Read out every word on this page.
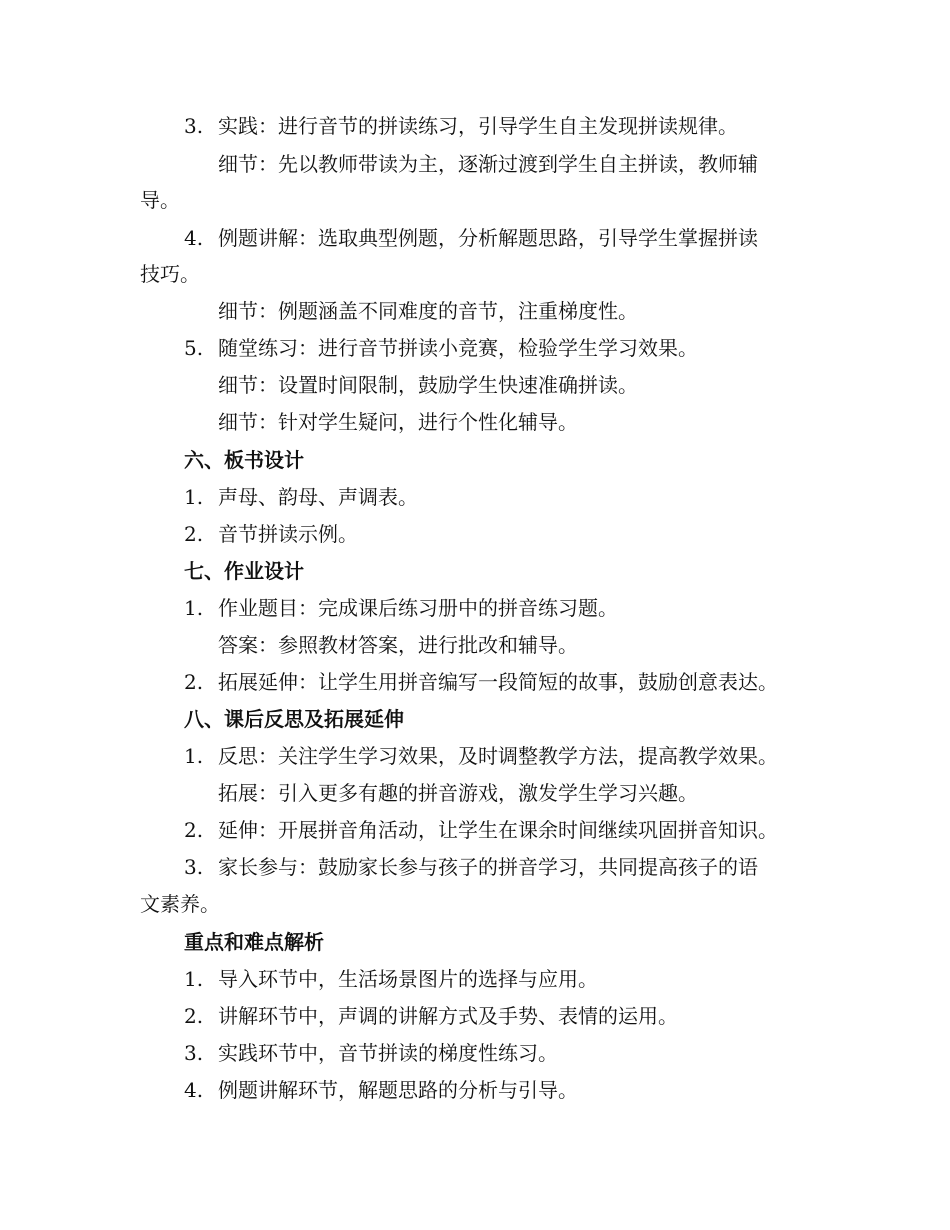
3. 实践：进行音节的拼读练习，引导学生自主发现拼读规律。
细节：先以教师带读为主，逐渐过渡到学生自主拼读，教师辅
导。
4. 例题讲解：选取典型例题，分析解题思路，引导学生掌握拼读
技巧。
细节：例题涵盖不同难度的音节，注重梯度性。
5. 随堂练习：进行音节拼读小竞赛，检验学生学习效果。
细节：设置时间限制，鼓励学生快速准确拼读。
细节：针对学生疑问，进行个性化辅导。
六、板书设计
1. 声母、韵母、声调表。
2. 音节拼读示例。
七、作业设计
1. 作业题目：完成课后练习册中的拼音练习题。
答案：参照教材答案，进行批改和辅导。
2. 拓展延伸：让学生用拼音编写一段简短的故事，鼓励创意表达。
八、课后反思及拓展延伸
1. 反思：关注学生学习效果，及时调整教学方法，提高教学效果。
拓展：引入更多有趣的拼音游戏，激发学生学习兴趣。
2. 延伸：开展拼音角活动，让学生在课余时间继续巩固拼音知识。
3. 家长参与：鼓励家长参与孩子的拼音学习，共同提高孩子的语
文素养。
重点和难点解析
1. 导入环节中，生活场景图片的选择与应用。
2. 讲解环节中，声调的讲解方式及手势、表情的运用。
3. 实践环节中，音节拼读的梯度性练习。
4. 例题讲解环节，解题思路的分析与引导。
